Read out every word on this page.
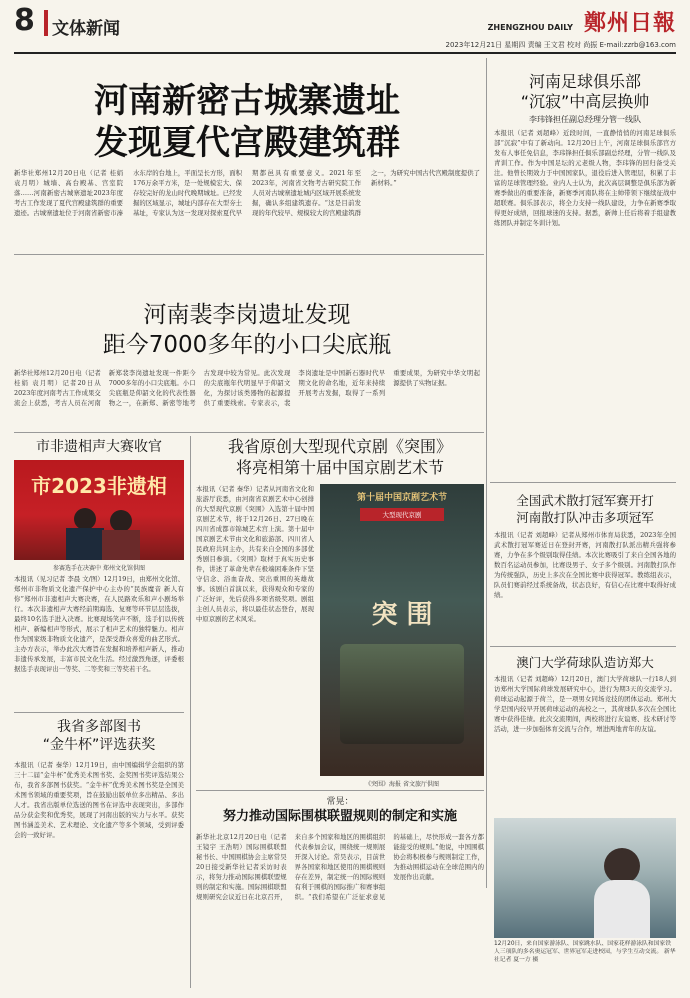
8 文体新闻	ZHENGZHOU DAILY 鄭州日報
2023年12月21日 星期四 责编 王文君 校对 尚振 E-mail:zzrb@163.com
河南新密古城寨遗址
发现夏代宫殿建筑群
新华社郑州12月20日电（记者 桂娟 袁月明）城墙、高台殿基、宫室院落……河南新密古城寨遗址2023年度考古工作发现了夏代宫殿建筑群的重要遗迹。古城寨遗址位于河南省新密市溱水东岸的台地上，平面呈长方形，面积176万余平方米，是一处规模宏大、保存较完好的龙山时代晚期城址。已经发掘的区域显示，城址内部存在大型夯土基址，专家认为这一发现对探索夏代早期都邑具有重要意义。2021年至2023年，河南省文物考古研究院工作人员对古城寨遗址城内区域开展系统发掘，确认多组建筑遗存。“这是目前发现的年代较早、规模较大的宫殿建筑群之一，为研究中国古代宫殿制度提供了新材料。”
河南裴李岗遗址发现
距今7000多年的小口尖底瓶
新华社郑州12月20日电（记者 桂娟 袁月明）记者20日从2023年度河南考古工作成果交流会上获悉，考古人员在河南新郑裴李岗遗址发现一件距今7000多年的小口尖底瓶。小口尖底瓶是仰韶文化的代表性器物之一，在新郑、新密等地考古发现中较为常见。此次发现的尖底瓶年代明显早于仰韶文化，为探讨该类器物的起源提供了重要线索。专家表示，裴李岗遗址是中国新石器时代早期文化的命名地，近年来持续开展考古发掘，取得了一系列重要成果，为研究中华文明起源提供了实物证据。
河南足球俱乐部
“沉寂”中高层换帅
李玮锋担任副总经理分管一线队
本报讯（记者 刘超峰）近段时间，一直静悄悄的河南足球俱乐部“沉寂”中有了新动向。12月20日上午，河南足球俱乐部官方发布人事任免信息，李玮锋担任俱乐部副总经理，分管一线队及青训工作。作为中国足坛的元老级人物，李玮锋的回归备受关注。他曾长期效力于中国国家队，退役后进入管理层，积累了丰富的足球管理经验。业内人士认为，此次高层调整是俱乐部为新赛季做出的重要准备，新赛季河南队将在主帅带领下继续征战中超联赛。俱乐部表示，将全力支持一线队建设，力争在新赛季取得更好成绩，回报球迷的支持。据悉，新帅上任后将着手组建教练团队并制定冬训计划。
全国武术散打冠军赛开打
河南散打队冲击多项冠军
本报讯（记者 刘超峰）记者从郑州市体育局获悉，2023年全国武术散打冠军赛近日在登封开赛，河南散打队派出精兵强将参赛，力争在多个级别取得佳绩。本次比赛吸引了来自全国各地的数百名运动员参加，比赛设男子、女子多个级别。河南散打队作为传统强队，历史上多次在全国比赛中获得冠军。教练组表示，队员们赛前经过系统备战，状态良好，有信心在比赛中取得好成绩。
澳门大学荷球队造访郑大
本报讯（记者 刘超峰）12月20日，澳门大学荷球队一行18人到访郑州大学国际荷球发展研究中心，进行为期3天的交流学习。荷球运动起源于荷兰，是一项男女同场竞技的团体运动。郑州大学是国内较早开展荷球运动的高校之一，其荷球队多次在全国比赛中获得佳绩。此次交流期间，两校将进行友谊赛、技术研讨等活动，进一步加强体育交流与合作，增进两地青年的友谊。
12月20日，来自国家游泳队、国家跳水队、国家花样游泳队和国家铁人三项队的多名奥运冠军、世界冠军走进校园，与学生互动交流。 新华社记者 夏一方 摄
市非遗相声大赛收官
市2023非遗相
参赛选手在决赛中 郑州文化馆供图
本报讯（见习记者 李晨 文/图）12月19日，由郑州文化馆、郑州市非物质文化遗产保护中心主办的“民族魔音 新人有你”郑州市非遗相声大赛决赛，在人民路欢乐和声小剧场举行。本次非遗相声大赛经前期海选、复赛等环节层层选拔，最终10名选手进入决赛。比赛现场笑声不断，选手们以传统相声、新编相声等形式，展示了相声艺术的独特魅力。相声作为国家级非物质文化遗产，是深受群众喜爱的曲艺形式。主办方表示，举办此次大赛旨在发掘和培养相声新人，推动非遗传承发展，丰富市民文化生活。经过激烈角逐，评委根据选手表现评出一等奖、二等奖和三等奖若干名。
我省多部图书
“金牛杯”评选获奖
本报讯（记者 秦华）12月19日，由中国编辑学会组织的第三十二届“金牛杯”优秀美术图书奖、金奖图书奖评选结果公布，我省多部图书获奖。“金牛杯”优秀美术图书奖是全国美术图书领域的重要奖项，旨在鼓励出版单位多出精品、多出人才。我省出版单位选送的图书在评选中表现突出，多部作品分获金奖和优秀奖，展现了河南出版的实力与水平。获奖图书涵盖美术、艺术理论、文化遗产等多个领域，受到评委会的一致好评。
我省原创大型现代京剧《突围》
将亮相第十届中国京剧艺术节
本报讯（记者 秦华）记者从河南省文化和旅游厅获悉，由河南省京剧艺术中心创排的大型现代京剧《突围》入选第十届中国京剧艺术节，将于12月26日、27日晚在四川省成都市锦城艺术宫上演。第十届中国京剧艺术节由文化和旅游部、四川省人民政府共同主办，共有来自全国的多部优秀剧目参演。《突围》取材于真实历史事件，讲述了革命先辈在极端困难条件下坚守信念、浴血奋战、突出重围的英雄故事。该剧自首演以来，获得观众和专家的广泛好评，先后获得多项省级奖项。剧组主创人员表示，将以最佳状态登台，展现中原京剧的艺术风采。
第十届中国京剧艺术节
大型现代京剧
突 围
《突围》海报 省文旅厅供图
常晃：
努力推动国际围棋联盟规则的制定和实施
新华社北京12月20日电（记者 王镜宇 王浩明）国际围棋联盟秘书长、中国围棋协会主席常昊20日接受新华社记者采访时表示，将努力推动国际围棋联盟规则的制定和实施。国际围棋联盟规则研究会议近日在北京召开，来自多个国家和地区的围棋组织代表参加会议，围绕统一规则展开深入讨论。常昊表示，目前世界各国家和地区使用的围棋规则存在差异，制定统一的国际规则有利于围棋的国际推广和赛事组织。“我们希望在广泛征求意见的基础上，尽快形成一套各方都能接受的规则。”他说，中国围棋协会将积极参与规则制定工作，为推动围棋运动在全球范围内的发展作出贡献。
